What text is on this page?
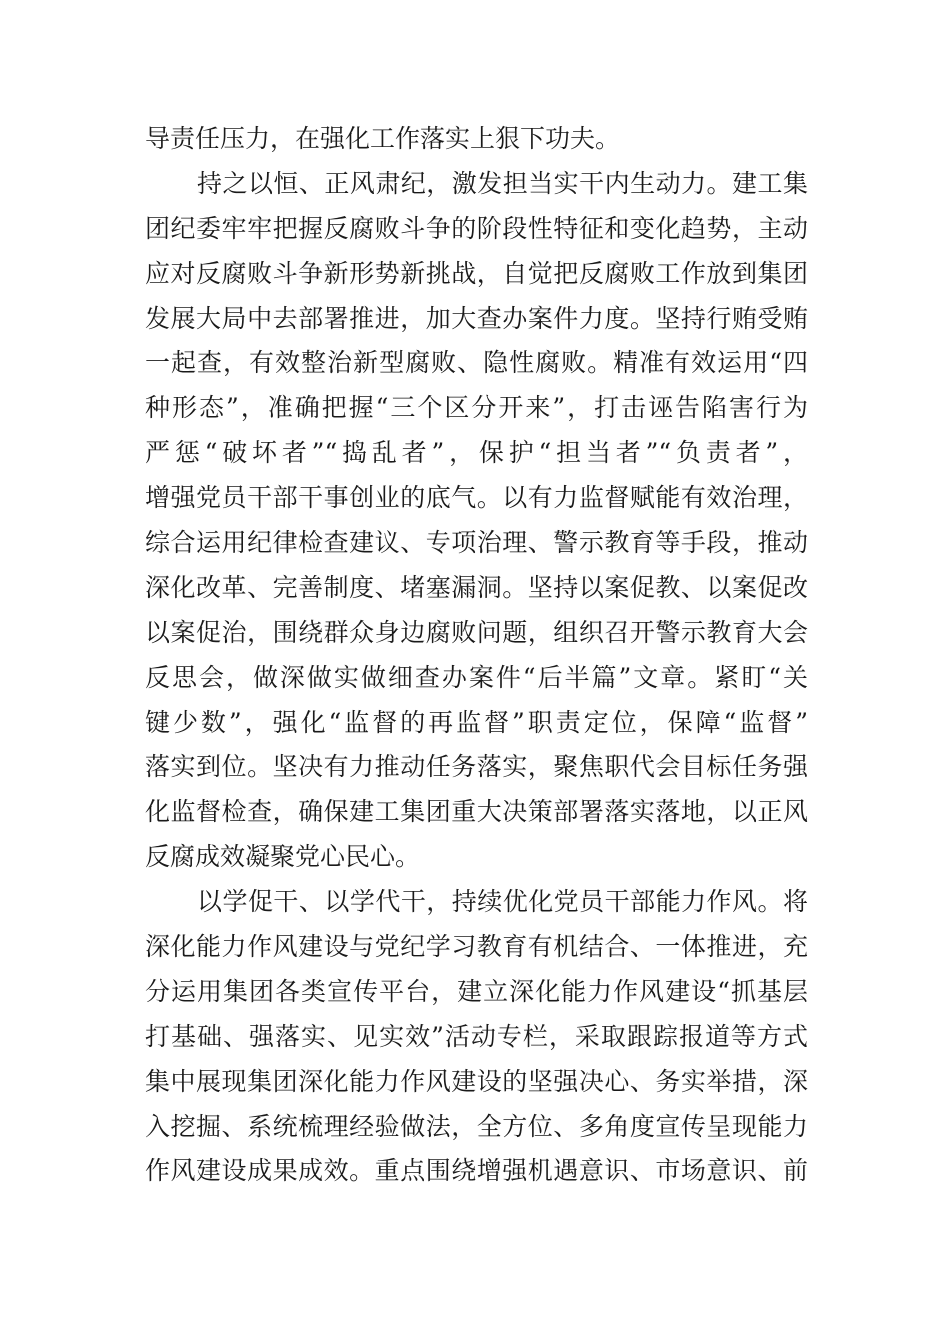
导责任压力，在强化工作落实上狠下功夫。
持之以恒、正风肃纪，激发担当实干内生动力。建工集
团纪委牢牢把握反腐败斗争的阶段性特征和变化趋势，主动
应对反腐败斗争新形势新挑战，自觉把反腐败工作放到集团
发展大局中去部署推进，加大查办案件力度。坚持行贿受贿
一起查，有效整治新型腐败、隐性腐败。精准有效运用“四
种形态”，准确把握“三个区分开来”，打击诬告陷害行为
严惩“破坏者”“捣乱者”，保护“担当者”“负责者”，
增强党员干部干事创业的底气。以有力监督赋能有效治理，
综合运用纪律检查建议、专项治理、警示教育等手段，推动
深化改革、完善制度、堵塞漏洞。坚持以案促教、以案促改
以案促治，围绕群众身边腐败问题，组织召开警示教育大会
反思会，做深做实做细查办案件“后半篇”文章。紧盯“关
键少数”，强化“监督的再监督”职责定位，保障“监督”
落实到位。坚决有力推动任务落实，聚焦职代会目标任务强
化监督检查，确保建工集团重大决策部署落实落地，以正风
反腐成效凝聚党心民心。
以学促干、以学代干，持续优化党员干部能力作风。将
深化能力作风建设与党纪学习教育有机结合、一体推进，充
分运用集团各类宣传平台，建立深化能力作风建设“抓基层
打基础、强落实、见实效”活动专栏，采取跟踪报道等方式
集中展现集团深化能力作风建设的坚强决心、务实举措，深
入挖掘、系统梳理经验做法，全方位、多角度宣传呈现能力
作风建设成果成效。重点围绕增强机遇意识、市场意识、前
